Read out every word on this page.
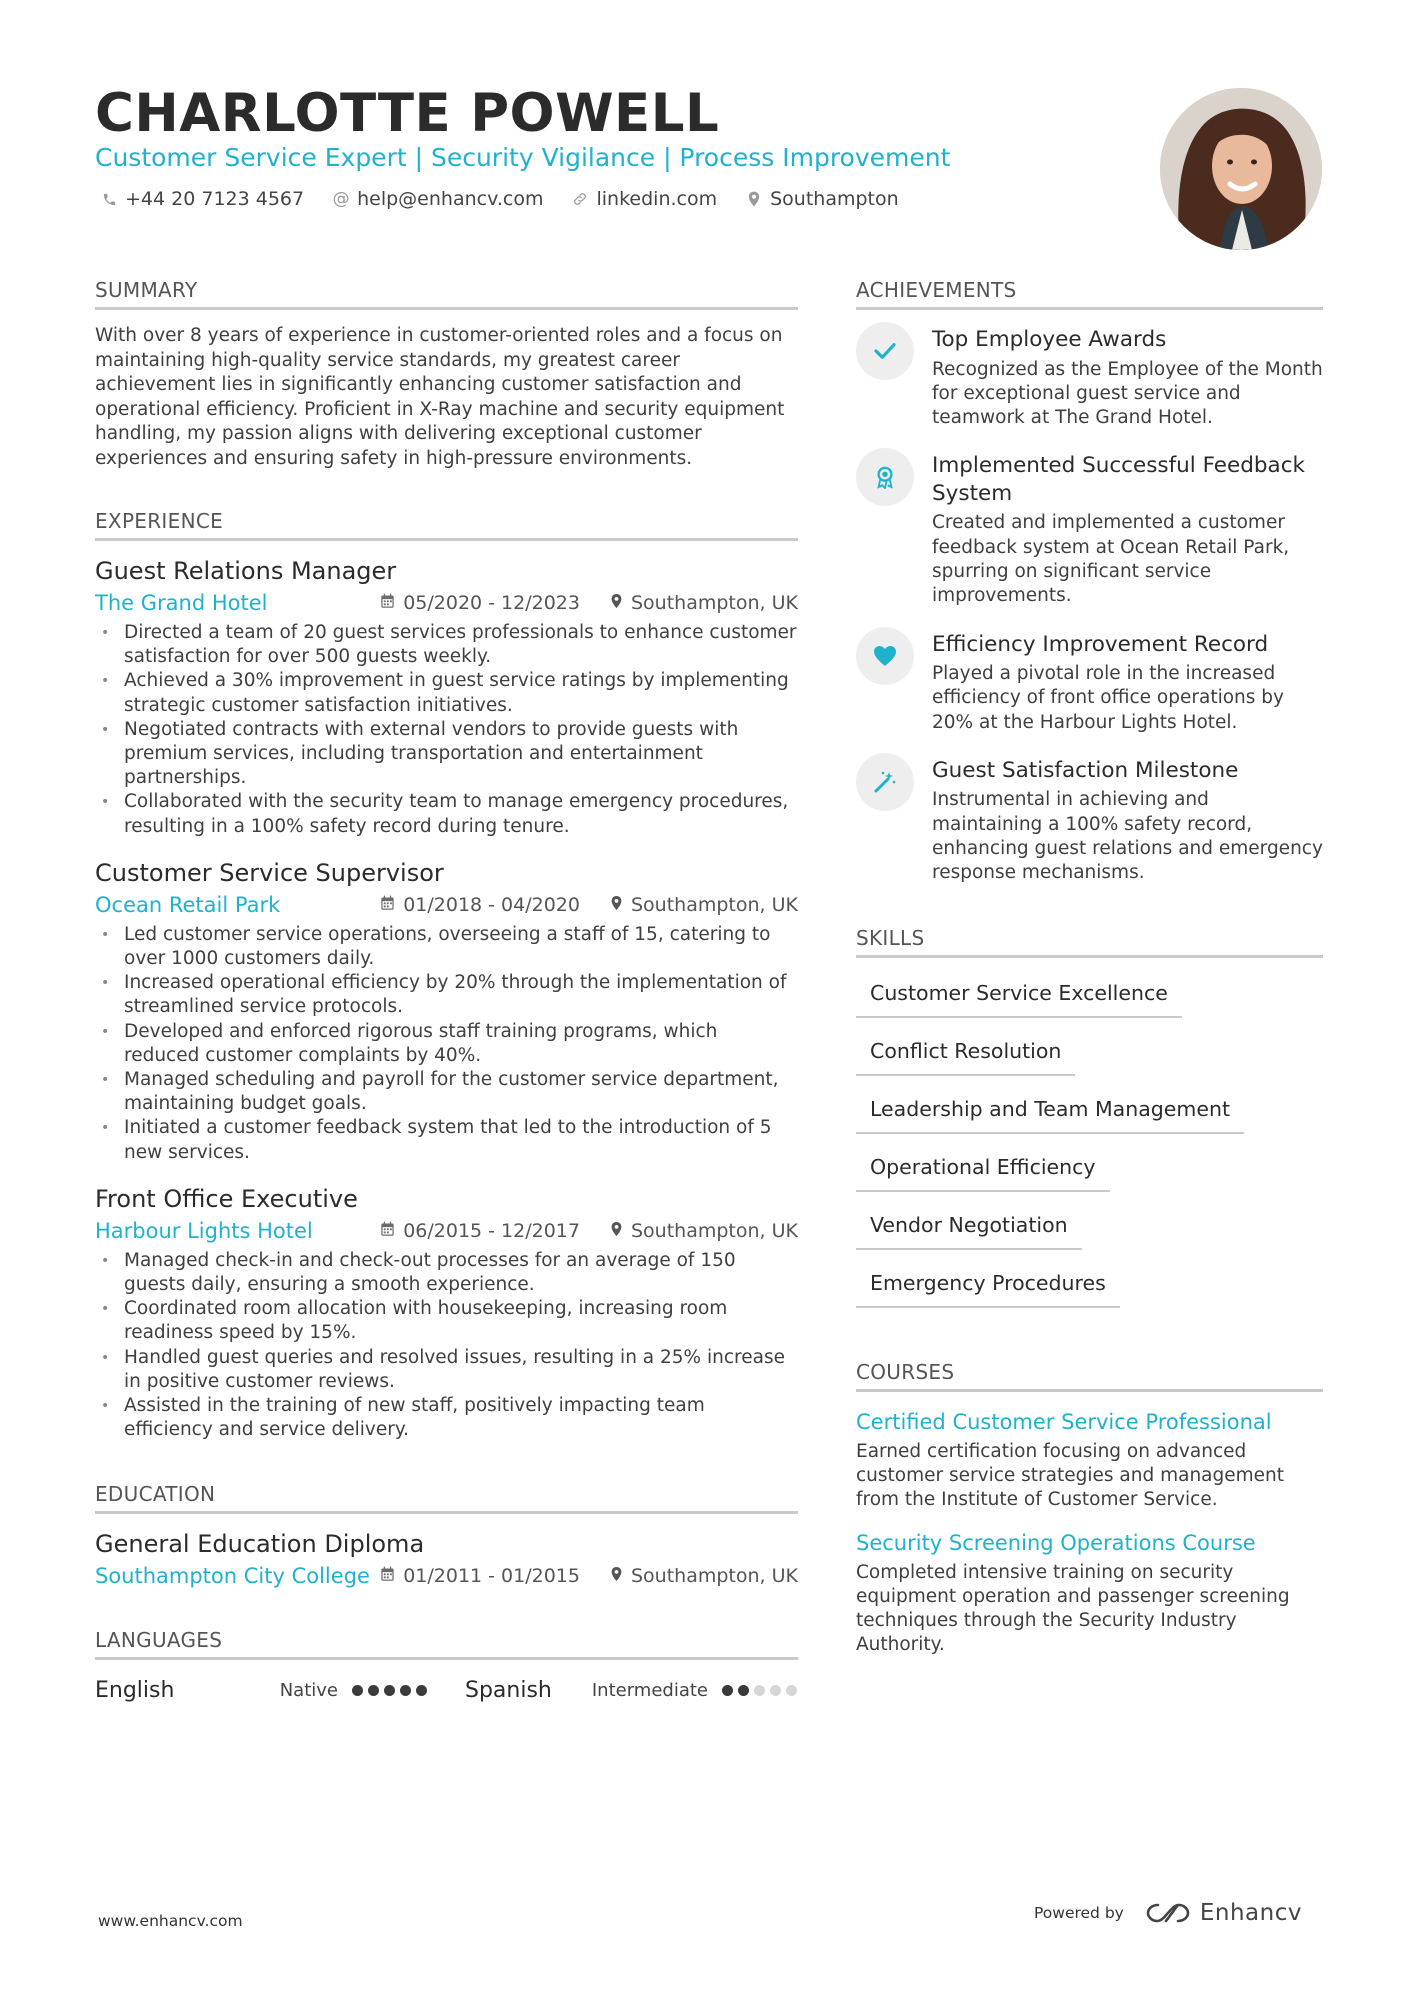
CHARLOTTE POWELL
Customer Service Expert | Security Vigilance | Process Improvement
+44 20 7123 4567 @ help@enhancv.com	linkedin.com	Southampton
SUMMARY
With over 8 years of experience in customer-oriented roles and a focus on maintaining high-quality service standards, my greatest career achievement lies in significantly enhancing customer satisfaction and operational efficiency. Proficient in X-Ray machine and security equipment handling, my passion aligns with delivering exceptional customer experiences and ensuring safety in high-pressure environments.
EXPERIENCE
Guest Relations Manager
The Grand Hotel	05/2020 - 12/2023	Southampton, UK
• Directed a team of 20 guest services professionals to enhance customer satisfaction for over 500 guests weekly.
• Achieved a 30% improvement in guest service ratings by implementing strategic customer satisfaction initiatives.
• Negotiated contracts with external vendors to provide guests with premium services, including transportation and entertainment partnerships.
• Collaborated with the security team to manage emergency procedures, resulting in a 100% safety record during tenure.
Customer Service Supervisor
Ocean Retail Park	01/2018 - 04/2020	Southampton, UK
• Led customer service operations, overseeing a staff of 15, catering to over 1000 customers daily.
• Increased operational efficiency by 20% through the implementation of streamlined service protocols.
• Developed and enforced rigorous staff training programs, which reduced customer complaints by 40%.
• Managed scheduling and payroll for the customer service department, maintaining budget goals.
• Initiated a customer feedback system that led to the introduction of 5 new services.
Front Office Executive
Harbour Lights Hotel	06/2015 - 12/2017	Southampton, UK
• Managed check-in and check-out processes for an average of 150 guests daily, ensuring a smooth experience.
• Coordinated room allocation with housekeeping, increasing room readiness speed by 15%.
• Handled guest queries and resolved issues, resulting in a 25% increase in positive customer reviews.
• Assisted in the training of new staff, positively impacting team efficiency and service delivery.
EDUCATION
General Education Diploma
Southampton City College 01/2011 - 01/2015	Southampton, UK
LANGUAGES
English	Native	Spanish Intermediate
ACHIEVEMENTS
Top Employee Awards
Recognized as the Employee of the Month for exceptional guest service and teamwork at The Grand Hotel.
Implemented Successful Feedback System
Created and implemented a customer feedback system at Ocean Retail Park, spurring on significant service improvements.
Efficiency Improvement Record
Played a pivotal role in the increased efficiency of front office operations by 20% at the Harbour Lights Hotel.
Guest Satisfaction Milestone
Instrumental in achieving and maintaining a 100% safety record, enhancing guest relations and emergency response mechanisms.
SKILLS
Customer Service Excellence
Conflict Resolution
Leadership and Team Management
Operational Efficiency
Vendor Negotiation
Emergency Procedures
COURSES
Certified Customer Service Professional
Earned certification focusing on advanced customer service strategies and management from the Institute of Customer Service.
Security Screening Operations Course
Completed intensive training on security equipment operation and passenger screening techniques through the Security Industry Authority.
www.enhancv.com	Powered by	Enhancv
